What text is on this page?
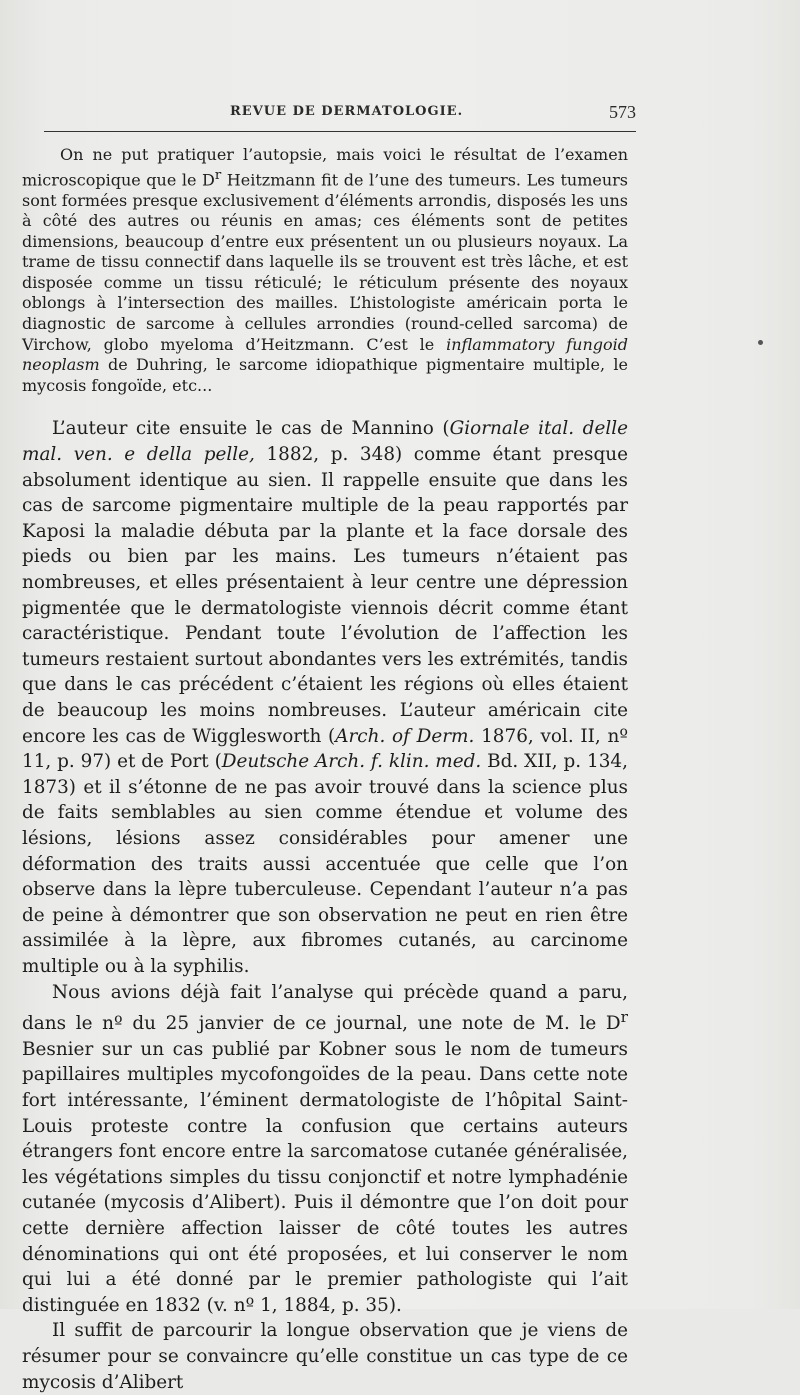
REVUE DE DERMATOLOGIE.	573

On ne put pratiquer l’autopsie, mais voici le résultat de l’examen microscopique que le $D^r$ Heitzmann fit de l’une des tumeurs. Les tumeurs sont formées presque exclusivement d’éléments arrondis, disposés les uns à côté des autres ou réunis en amas; ces éléments sont de petites dimensions, beaucoup d’entre eux présentent un ou plusieurs noyaux. La trame de tissu connectif dans laquelle ils se trouvent est très lâche, et est disposée comme un tissu réticulé; le réticulum présente des noyaux oblongs à l’intersection des mailles. L’histologiste américain porta le diagnostic de sarcome à cellules arrondies (round-celled sarcoma) de Virchow, globo myeloma d’Heitzmann. C’est le inflammatory fungoid neoplasm de Duhring, le sarcome idiopathique pigmentaire multiple, le mycosis fongoïde, etc...

L’auteur cite ensuite le cas de Mannino (Giornale ital. delle mal. ven. e della pelle, 1882, p. 348) comme étant presque absolument identique au sien. Il rappelle ensuite que dans les cas de sarcome pigmentaire multiple de la peau rapportés par Kaposi la maladie débuta par la plante et la face dorsale des pieds ou bien par les mains. Les tumeurs n’étaient pas nombreuses, et elles présentaient à leur centre une dépression pigmentée que le dermatologiste viennois décrit comme étant caractéristique. Pendant toute l’évolution de l’affection les tumeurs restaient surtout abondantes vers les extrémités, tandis que dans le cas précédent c’étaient les régions où elles étaient de beaucoup les moins nombreuses. L’auteur américain cite encore les cas de Wigglesworth (Arch. of Derm. 1876, vol. II, nº 11, p. 97) et de Port (Deutsche Arch. f. klin. med. Bd. XII, p. 134, 1873) et il s’étonne de ne pas avoir trouvé dans la science plus de faits semblables au sien comme étendue et volume des lésions, lésions assez considérables pour amener une déformation des traits aussi accentuée que celle que l’on observe dans la lèpre tuberculeuse. Cependant l’auteur n’a pas de peine à démontrer que son observation ne peut en rien être assimilée à la lèpre, aux fibromes cutanés, au carcinome multiple ou à la syphilis.

Nous avions déjà fait l’analyse qui précède quand a paru, dans le nº du 25 janvier de ce journal, une note de M. le $D^r$ Besnier sur un cas publié par Kobner sous le nom de tumeurs papillaires multiples mycofongoïdes de la peau. Dans cette note fort intéressante, l’éminent dermatologiste de l’hôpital Saint-Louis proteste contre la confusion que certains auteurs étrangers font encore entre la sarcomatose cutanée généralisée, les végétations simples du tissu conjonctif et notre lymphadénie cutanée (mycosis d’Alibert). Puis il démontre que l’on doit pour cette dernière affection laisser de côté toutes les autres dénominations qui ont été proposées, et lui conserver le nom qui lui a été donné par le premier pathologiste qui l’ait distinguée en 1832 (v. nº 1, 1884, p. 35).

Il suffit de parcourir la longue observation que je viens de résumer pour se convaincre qu’elle constitue un cas type de ce mycosis d’Alibert
